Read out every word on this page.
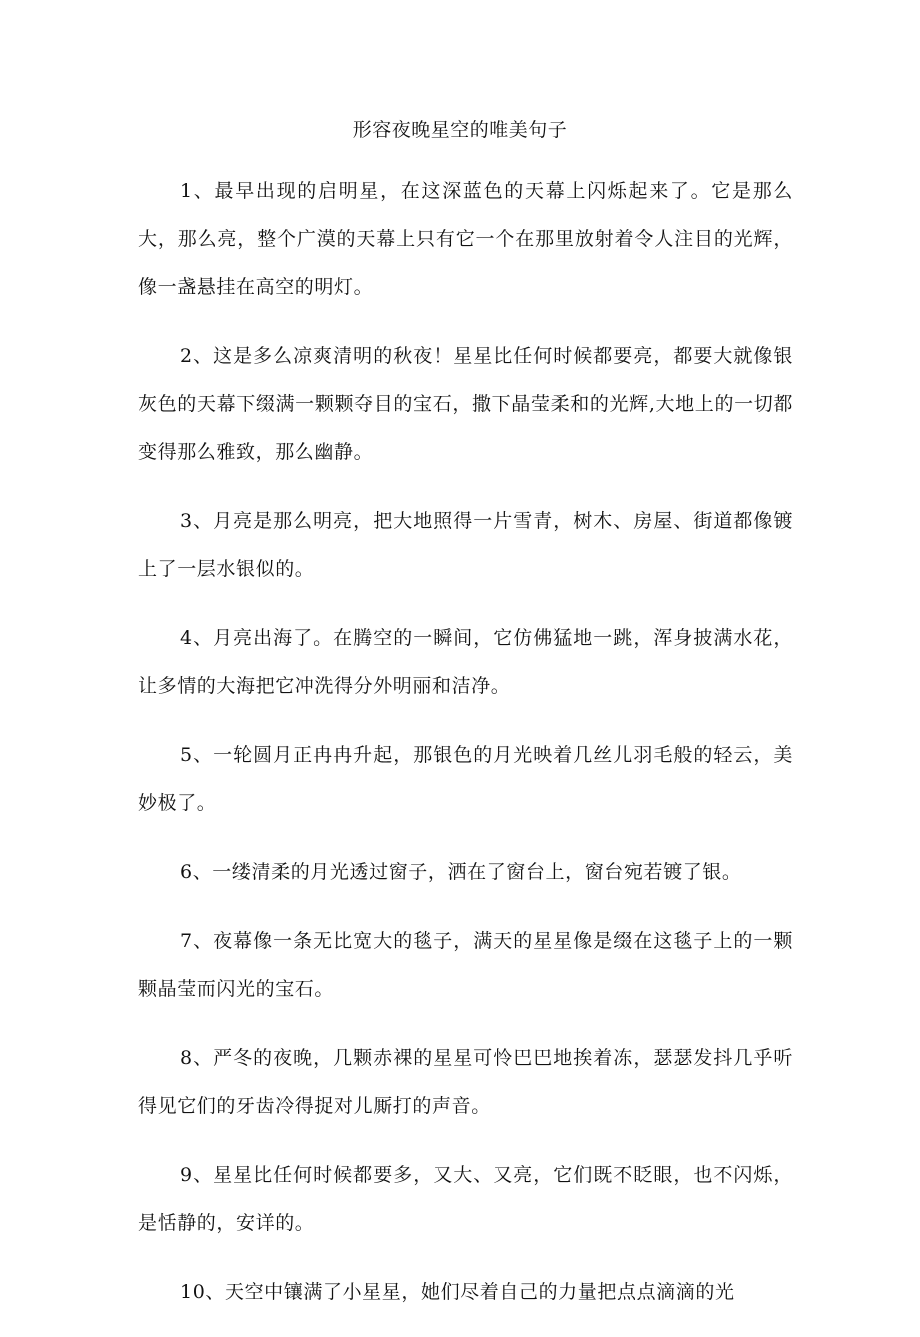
形容夜晚星空的唯美句子

1、最早出现的启明星，在这深蓝色的天幕上闪烁起来了。它是那么大，那么亮，整个广漠的天幕上只有它一个在那里放射着令人注目的光辉，像一盏悬挂在高空的明灯。

2、这是多么凉爽清明的秋夜！星星比任何时候都要亮，都要大就像银灰色的天幕下缀满一颗颗夺目的宝石，撒下晶莹柔和的光辉,大地上的一切都变得那么雅致，那么幽静。

3、月亮是那么明亮，把大地照得一片雪青，树木、房屋、街道都像镀上了一层水银似的。

4、月亮出海了。在腾空的一瞬间，它仿佛猛地一跳，浑身披满水花，让多情的大海把它冲洗得分外明丽和洁净。

5、一轮圆月正冉冉升起，那银色的月光映着几丝儿羽毛般的轻云，美妙极了。

6、一缕清柔的月光透过窗子，洒在了窗台上，窗台宛若镀了银。

7、夜幕像一条无比宽大的毯子，满天的星星像是缀在这毯子上的一颗颗晶莹而闪光的宝石。

8、严冬的夜晚，几颗赤裸的星星可怜巴巴地挨着冻，瑟瑟发抖几乎听得见它们的牙齿冷得捉对儿厮打的声音。

9、星星比任何时候都要多，又大、又亮，它们既不眨眼，也不闪烁，是恬静的，安详的。

10、天空中镶满了小星星，她们尽着自己的力量把点点滴滴的光
